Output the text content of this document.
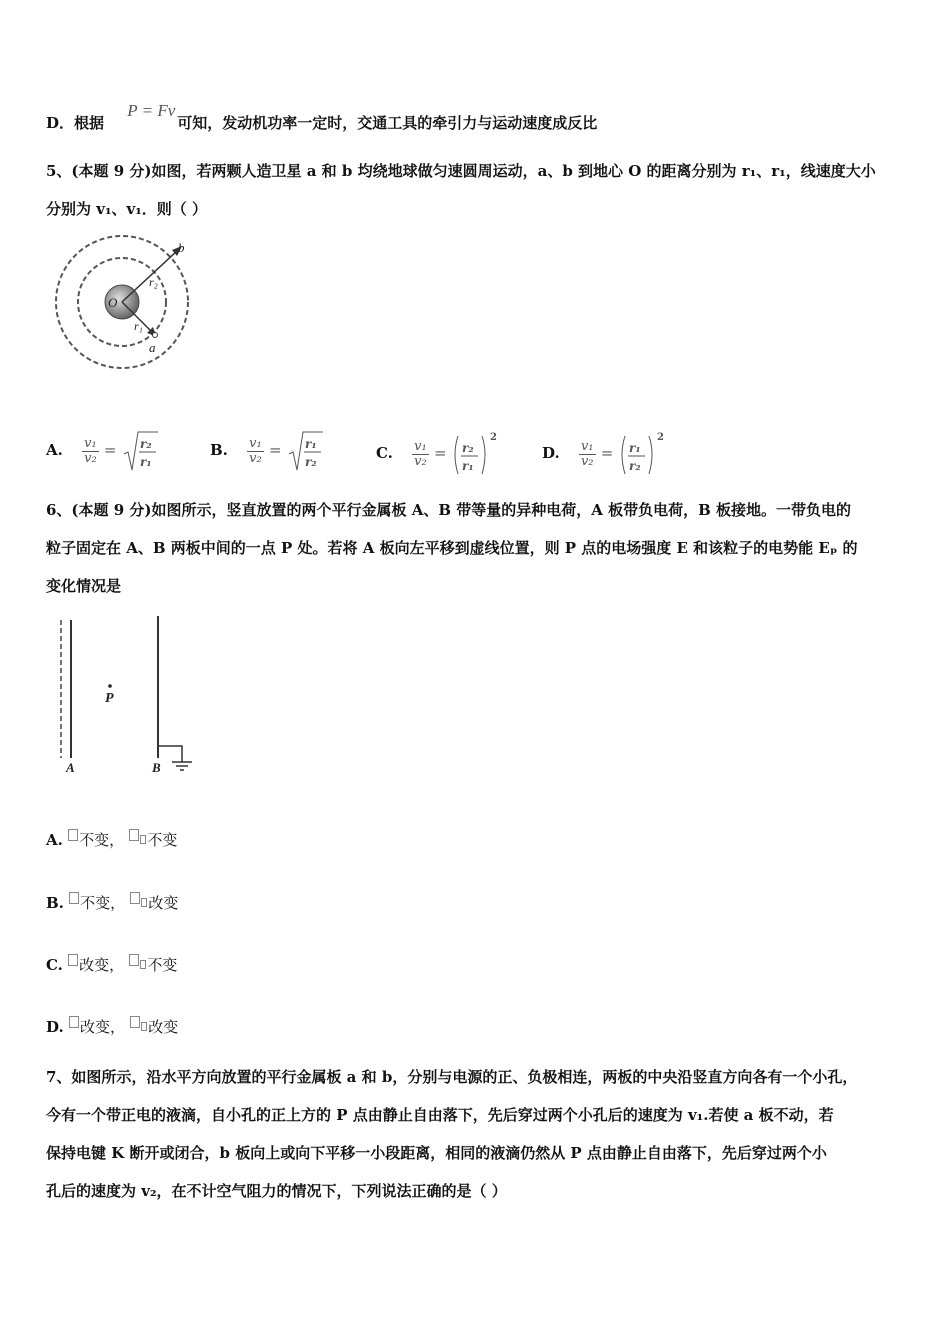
D．根据 P = Fv可知，发动机功率一定时，交通工具的牵引力与运动速度成反比
5、(本题 9 分)如图，若两颗人造卫星 a 和 b 均绕地球做匀速圆周运动，a、b 到地心 O 的距离分别为 r₁、r₁，线速度大小
分别为 v₁、v₁．则（ ）
O
b
a
r₂
r₁
A. $\frac{\text{v₁}}{\text{v₂}} = r_2$
r₁
B. $\frac{\text{v₁}}{\text{v₂}} = r_1$
r₂	C. $\frac{\text{v₁}}{\text{v₂}} = r_2$
r₁
2
D. $\frac{\text{v₁}}{\text{v₂}} = r_1$
r₂
2
6、(本题 9 分)如图所示，竖直放置的两个平行金属板 A、B 带等量的异种电荷，A 板带负电荷，B 板接地。一带负电的
粒子固定在 A、B 两板中间的一点 P 处。若将 A 板向左平移到虚线位置，则 P 点的电场强度 E 和该粒子的电势能 Eₚ 的
变化情况是
P
A	B
A. 不变， 不变
B. 不变， 改变
C. 改变， 不变
D. 改变， 改变
7、如图所示，沿水平方向放置的平行金属板 a 和 b，分别与电源的正、负极相连，两板的中央沿竖直方向各有一个小孔，
今有一个带正电的液滴，自小孔的正上方的 P 点由静止自由落下，先后穿过两个小孔后的速度为 v₁.若使 a 板不动，若
保持电键 K 断开或闭合，b 板向上或向下平移一小段距离，相同的液滴仍然从 P 点由静止自由落下，先后穿过两个小
孔后的速度为 v₂，在不计空气阻力的情况下，下列说法正确的是（ ）
